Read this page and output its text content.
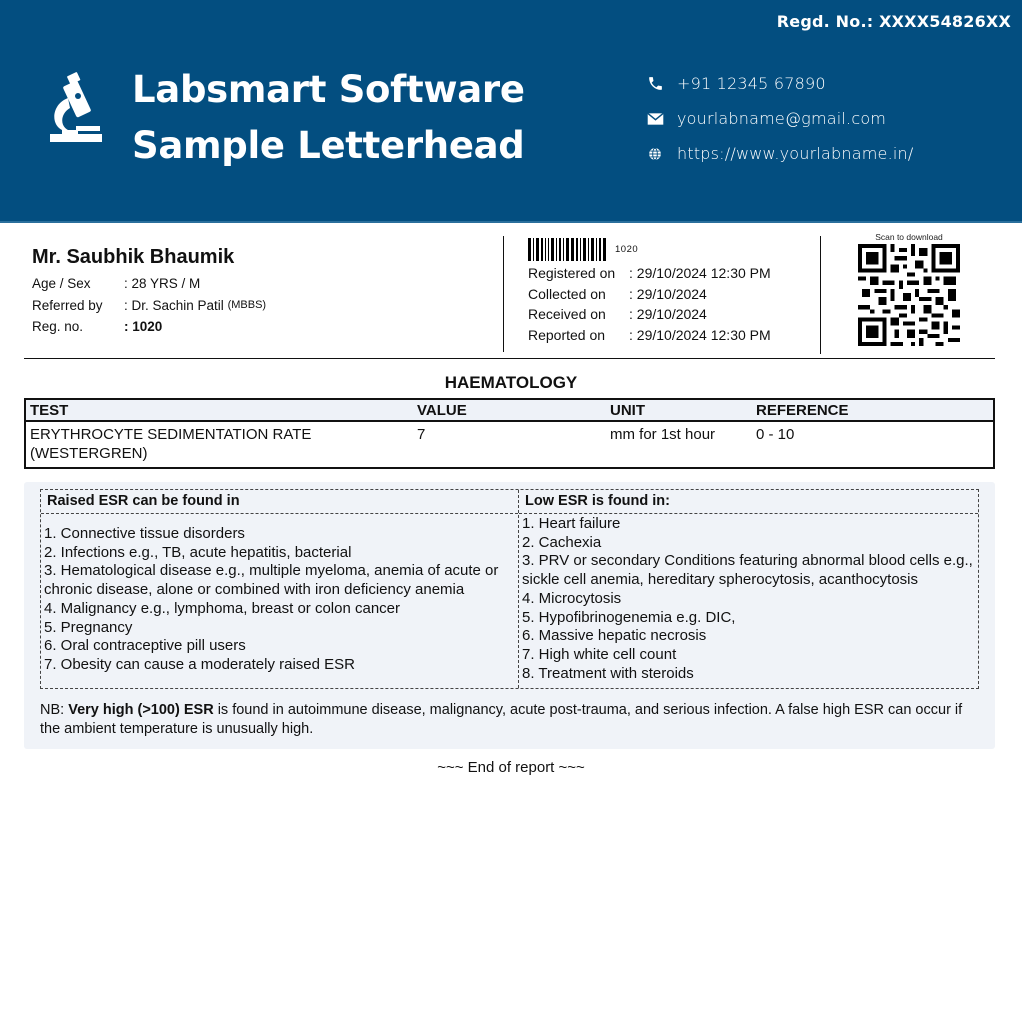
Regd. No.: XXXX54826XX
Labsmart Software
Sample Letterhead
+91 12345 67890
yourlabname@gmail.com
https://www.yourlabname.in/
Mr. Saubhik Bhaumik
Age / Sex	: 28 YRS / M
Referred by	: Dr. Sachin Patil
(MBBS)
Reg. no.	: 1020
1020
Registered on : 29/10/2024 12:30 PM
Collected on	: 29/10/2024
Received on	: 29/10/2024
Reported on	: 29/10/2024 12:30 PM
Scan to download
HAEMATOLOGY
TEST	VALUE	UNIT	REFERENCE

ERYTHROCYTE SEDIMENTATION RATE
(WESTERGREN)	7	mm for 1st hour	0 - 10
Raised ESR can be found in
1. Connective tissue disorders
2. Infections e.g., TB, acute hepatitis, bacterial
3. Hematological disease e.g., multiple myeloma, anemia of acute or chronic disease, alone or combined with iron deficiency anemia
4. Malignancy e.g., lymphoma, breast or colon cancer
5. Pregnancy
6. Oral contraceptive pill users
7. Obesity can cause a moderately raised ESR
Low ESR is found in:
1. Heart failure
2. Cachexia
3. PRV or secondary Conditions featuring abnormal blood cells e.g., sickle cell anemia, hereditary spherocytosis, acanthocytosis
4. Microcytosis
5. Hypofibrinogenemia e.g. DIC,
6. Massive hepatic necrosis
7. High white cell count
8. Treatment with steroids
NB: Very high (>100) ESR is found in autoimmune disease, malignancy, acute post-trauma, and serious infection. A false high ESR can occur if the ambient temperature is unusually high.
~~~ End of report ~~~
